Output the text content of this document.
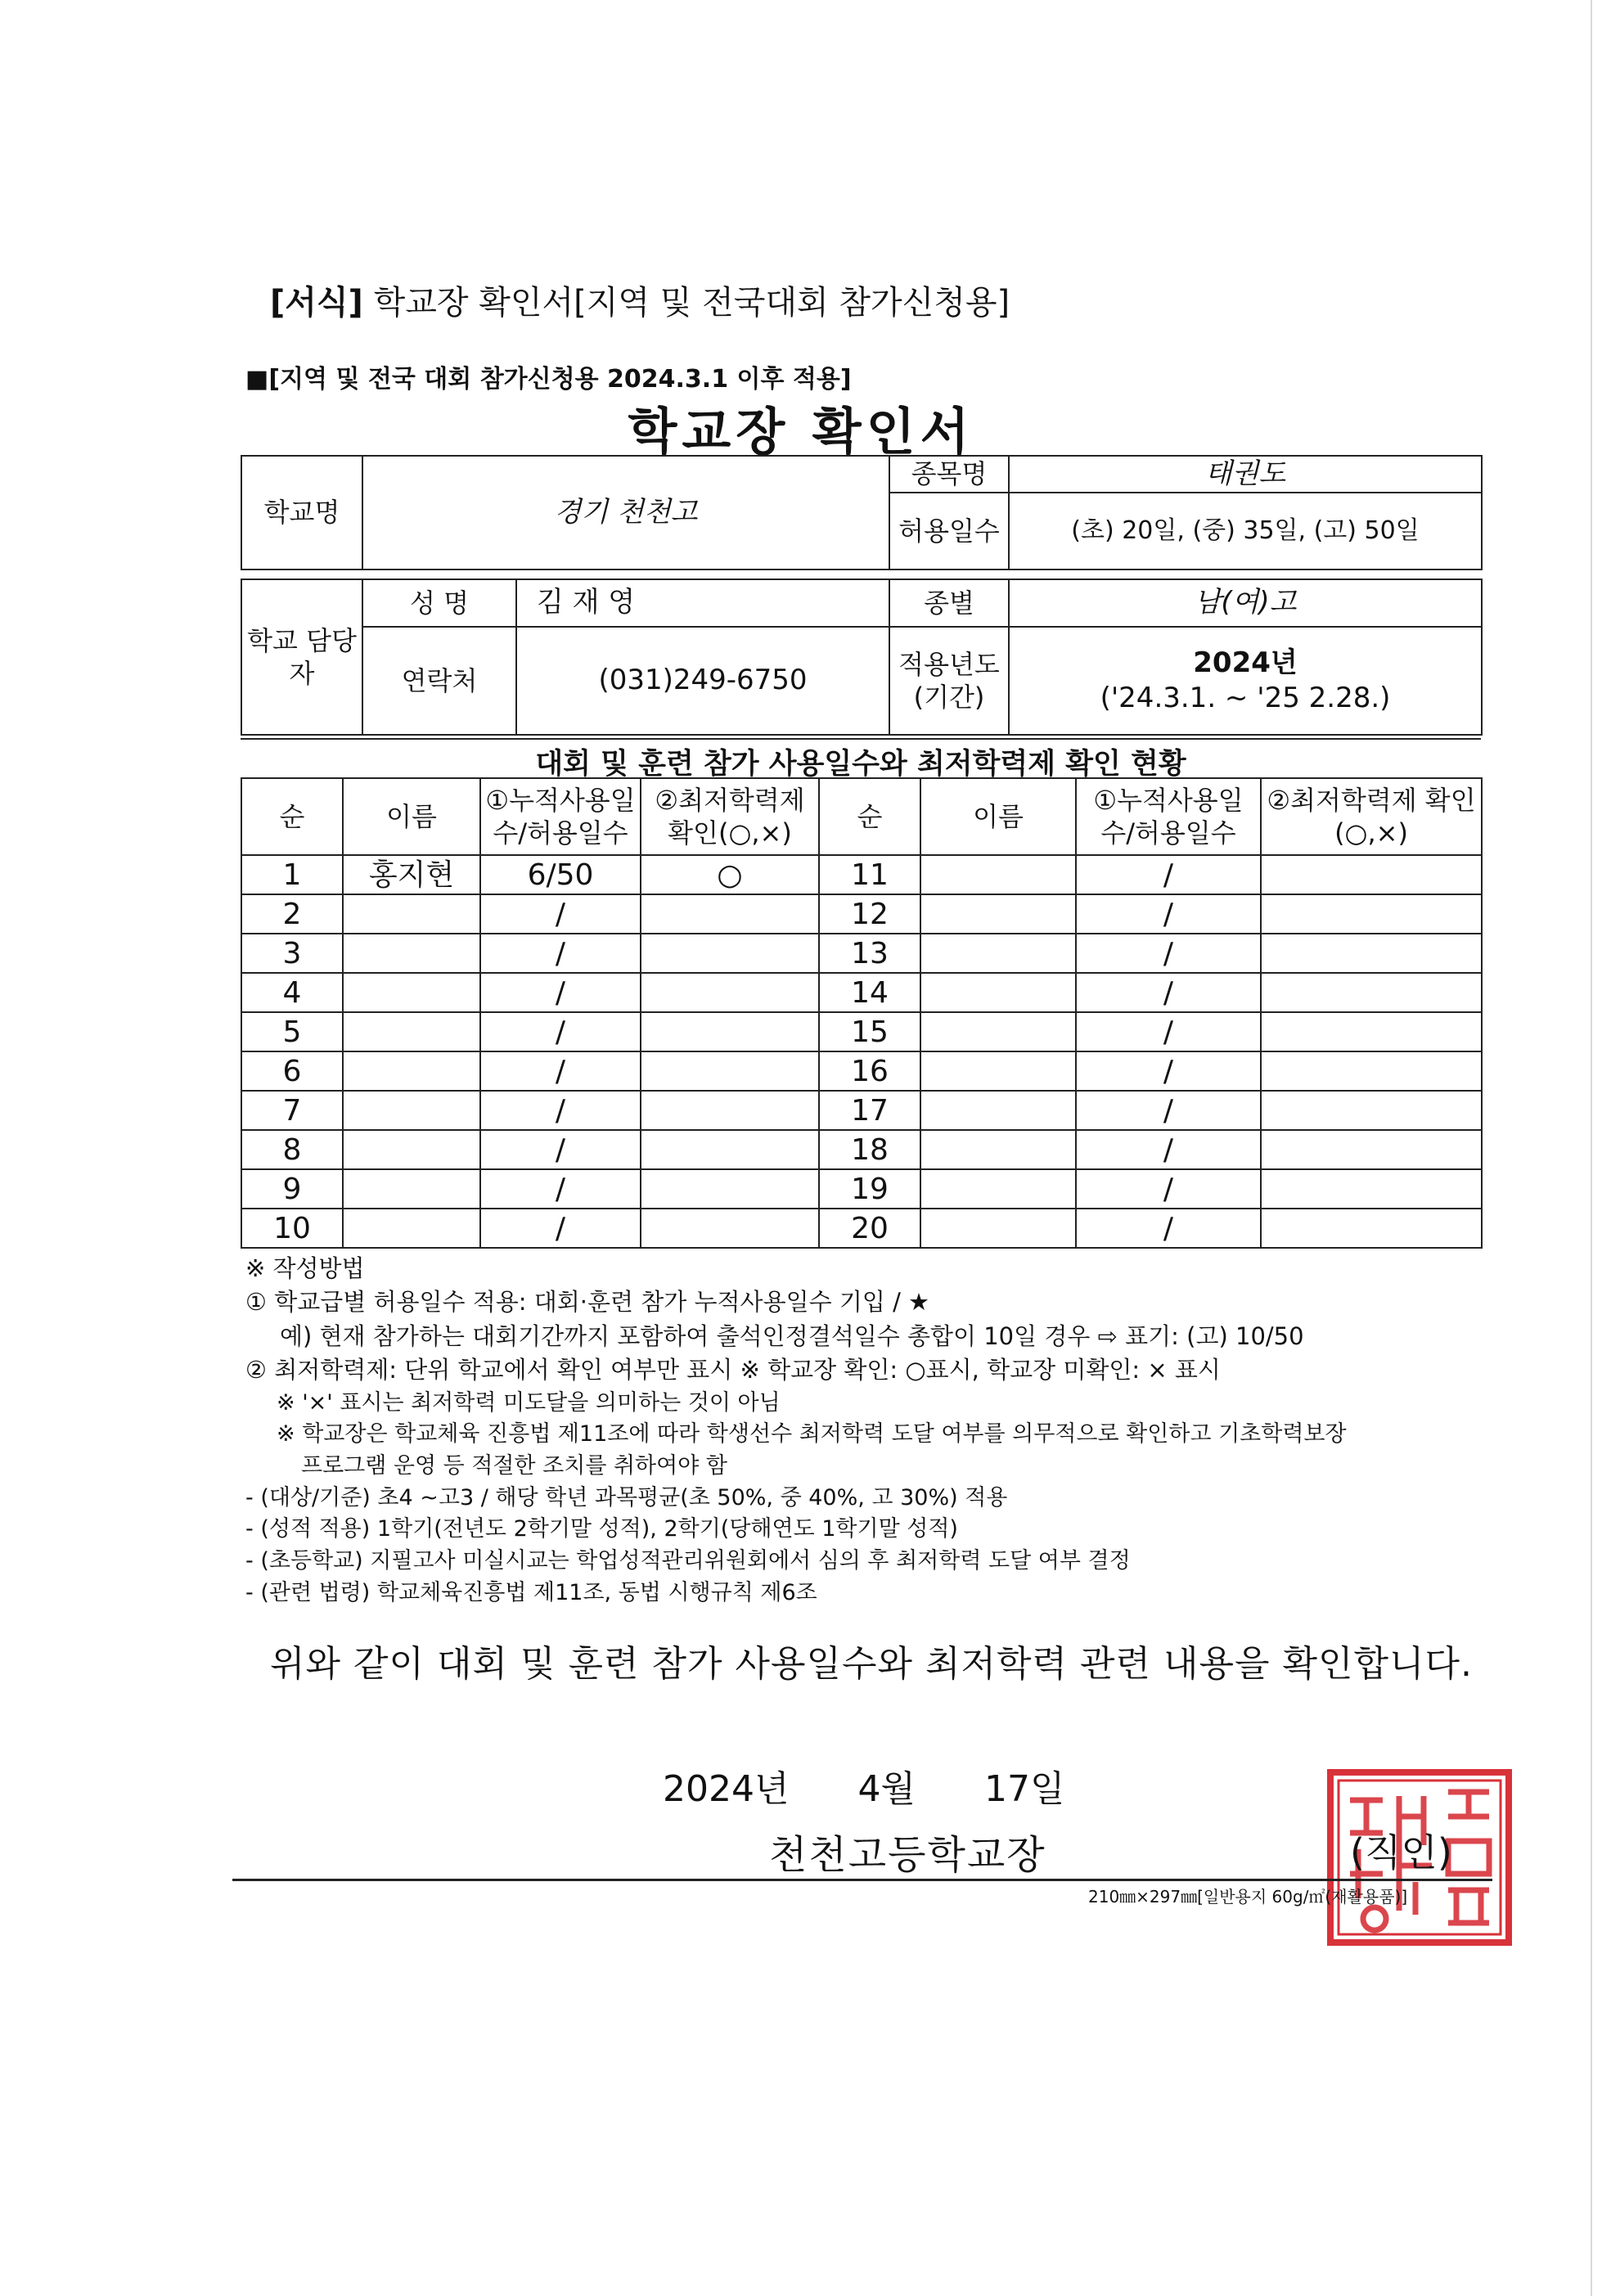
[서식] 학교장 확인서[지역 및 전국대회 참가신청용]
■[지역 및 전국 대회 참가신청용 2024.3.1 이후 적용]
학교장 확인서
학교명	경기 천천고		종목명	태권도
			허용일수	(초) 20일, (중) 35일, (고) 50일

학교 담당자	성 명	김 재 영	종별	남(여)고
	연락처	(031)249-6750	적용년도 (기간)	2024년
('24.3.1. ~ '25 2.28.)
대회 및 훈련 참가 사용일수와 최저학력제 확인 현황
순	이름	①누적사용일수/허용일수	②최저학력제 확인(○,×)	순	이름	①누적사용일수/허용일수	②최저학력제 확인(○,×)
1	홍지현	6/50	○	11		/	
2		/		12		/	
3		/		13		/	
4		/		14		/	
5		/		15		/	
6		/		16		/	
7		/		17		/	
8		/		18		/	
9		/		19		/	
10		/		20		/	
※ 작성방법
① 학교급별 허용일수 적용: 대회·훈련 참가 누적사용일수 기입 / ★
예) 현재 참가하는 대회기간까지 포함하여 출석인정결석일수 총합이 10일 경우 ⇨ 표기: (고) 10/50
② 최저학력제: 단위 학교에서 확인 여부만 표시 ※ 학교장 확인: ○표시, 학교장 미확인: × 표시
※ '×' 표시는 최저학력 미도달을 의미하는 것이 아님
※ 학교장은 학교체육 진흥법 제11조에 따라 학생선수 최저학력 도달 여부를 의무적으로 확인하고 기초학력보장
프로그램 운영 등 적절한 조치를 취하여야 함
- (대상/기준) 초4 ~고3 / 해당 학년 과목평균(초 50%, 중 40%, 고 30%) 적용
- (성적 적용) 1학기(전년도 2학기말 성적), 2학기(당해연도 1학기말 성적)
- (초등학교) 지필고사 미실시교는 학업성적관리위원회에서 심의 후 최저학력 도달 여부 결정
- (관련 법령) 학교체육진흥법 제11조, 동법 시행규칙 제6조
위와 같이 대회 및 훈련 참가 사용일수와 최저학력 관련 내용을 확인합니다.
2024년 4월 17일
천천고등학교장	(직인)
210㎜×297㎜[일반용지 60g/㎡(재활용품)]
